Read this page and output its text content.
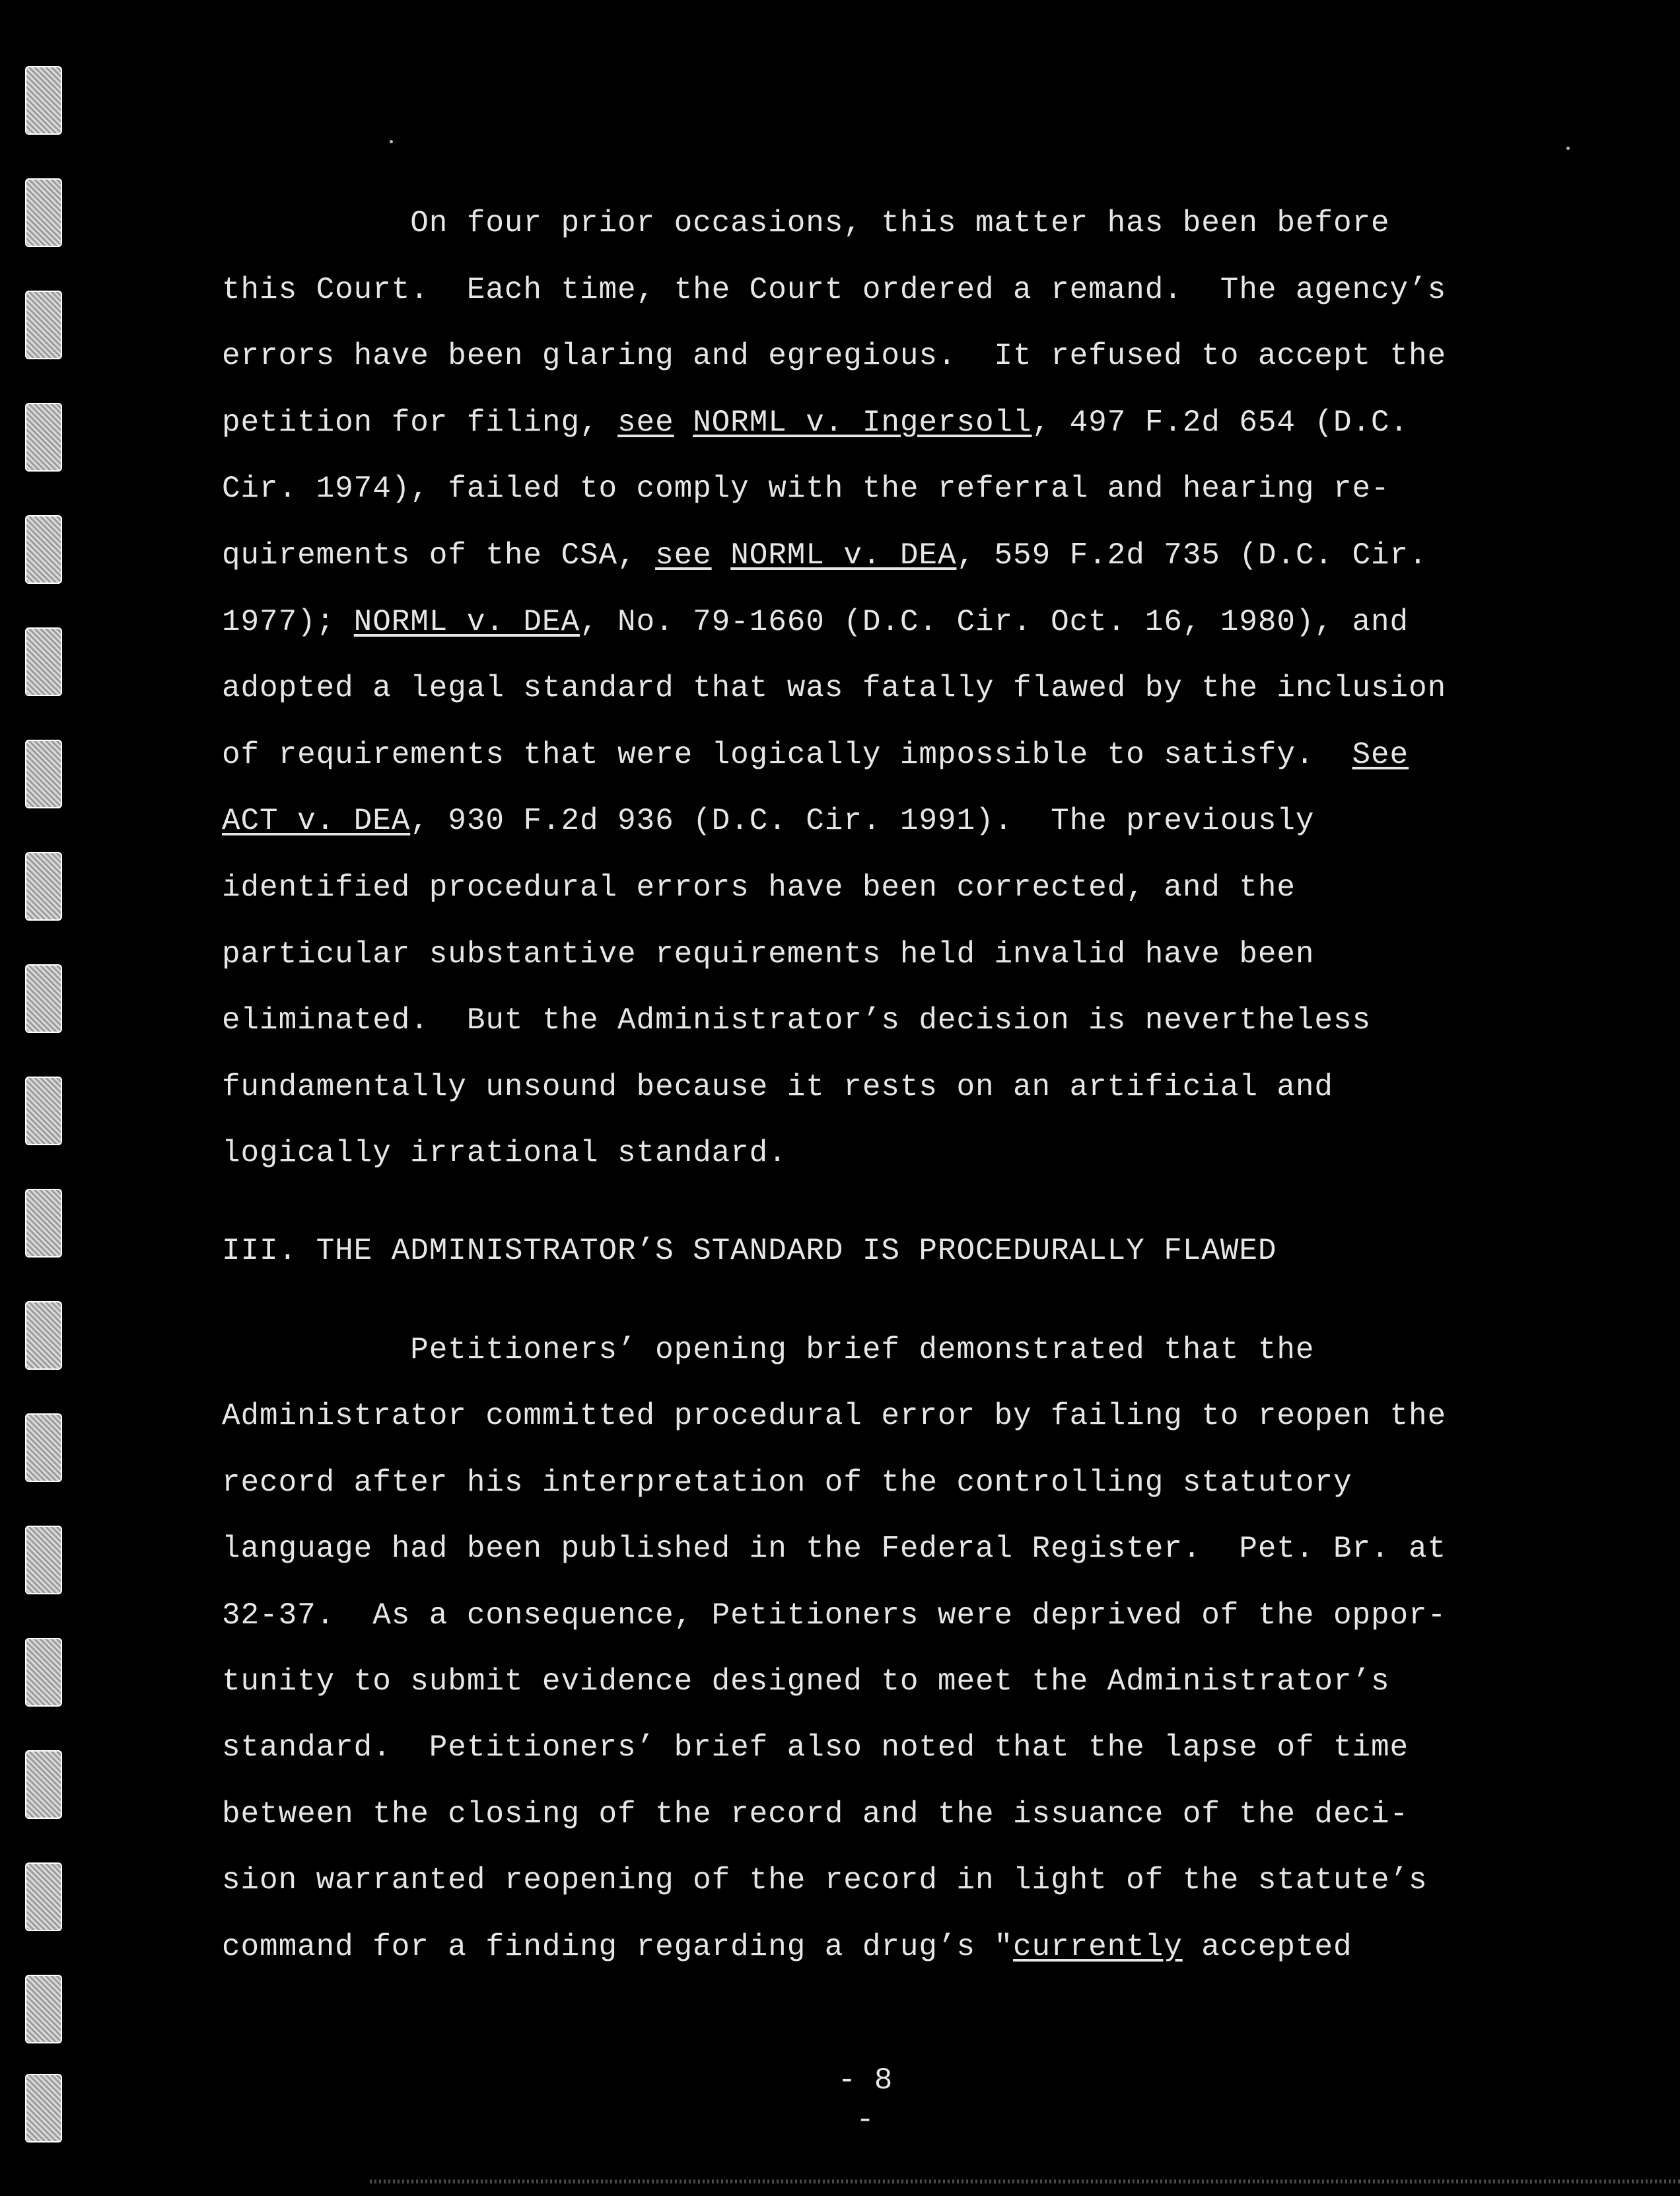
On four prior occasions, this matter has been before
this Court.  Each time, the Court ordered a remand.  The agency’s
errors have been glaring and egregious.  It refused to accept the
petition for filing, see NORML v. Ingersoll, 497 F.2d 654 (D.C.
Cir. 1974), failed to comply with the referral and hearing re-
quirements of the CSA, see NORML v. DEA, 559 F.2d 735 (D.C. Cir.
1977); NORML v. DEA, No. 79-1660 (D.C. Cir. Oct. 16, 1980), and
adopted a legal standard that was fatally flawed by the inclusion
of requirements that were logically impossible to satisfy.  See
ACT v. DEA, 930 F.2d 936 (D.C. Cir. 1991).  The previously
identified procedural errors have been corrected, and the
particular substantive requirements held invalid have been
eliminated.  But the Administrator’s decision is nevertheless
fundamentally unsound because it rests on an artificial and
logically irrational standard.
III. THE ADMINISTRATOR’S STANDARD IS PROCEDURALLY FLAWED
Petitioners’ opening brief demonstrated that the
Administrator committed procedural error by failing to reopen the
record after his interpretation of the controlling statutory
language had been published in the Federal Register.  Pet. Br. at
32-37.  As a consequence, Petitioners were deprived of the oppor-
tunity to submit evidence designed to meet the Administrator’s
standard.  Petitioners’ brief also noted that the lapse of time
between the closing of the record and the issuance of the deci-
sion warranted reopening of the record in light of the statute’s
command for a finding regarding a drug’s "currently accepted
- 8 -
